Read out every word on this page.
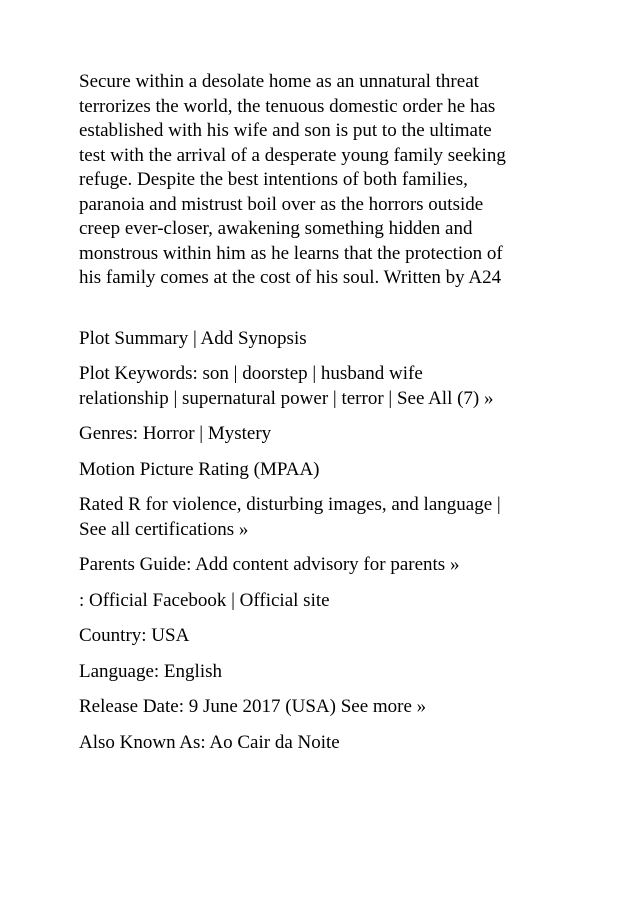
Secure within a desolate home as an unnatural threat
terrorizes the world, the tenuous domestic order he has
established with his wife and son is put to the ultimate
test with the arrival of a desperate young family seeking
refuge. Despite the best intentions of both families,
paranoia and mistrust boil over as the horrors outside
creep ever-closer, awakening something hidden and
monstrous within him as he learns that the protection of
his family comes at the cost of his soul. Written by A24
Plot Summary | Add Synopsis
Plot Keywords: son | doorstep | husband wife
relationship | supernatural power | terror | See All (7) »
Genres: Horror | Mystery
Motion Picture Rating (MPAA)
Rated R for violence, disturbing images, and language |
See all certifications »
Parents Guide: Add content advisory for parents »
: Official Facebook | Official site
Country: USA
Language: English
Release Date: 9 June 2017 (USA) See more »
Also Known As: Ao Cair da Noite
